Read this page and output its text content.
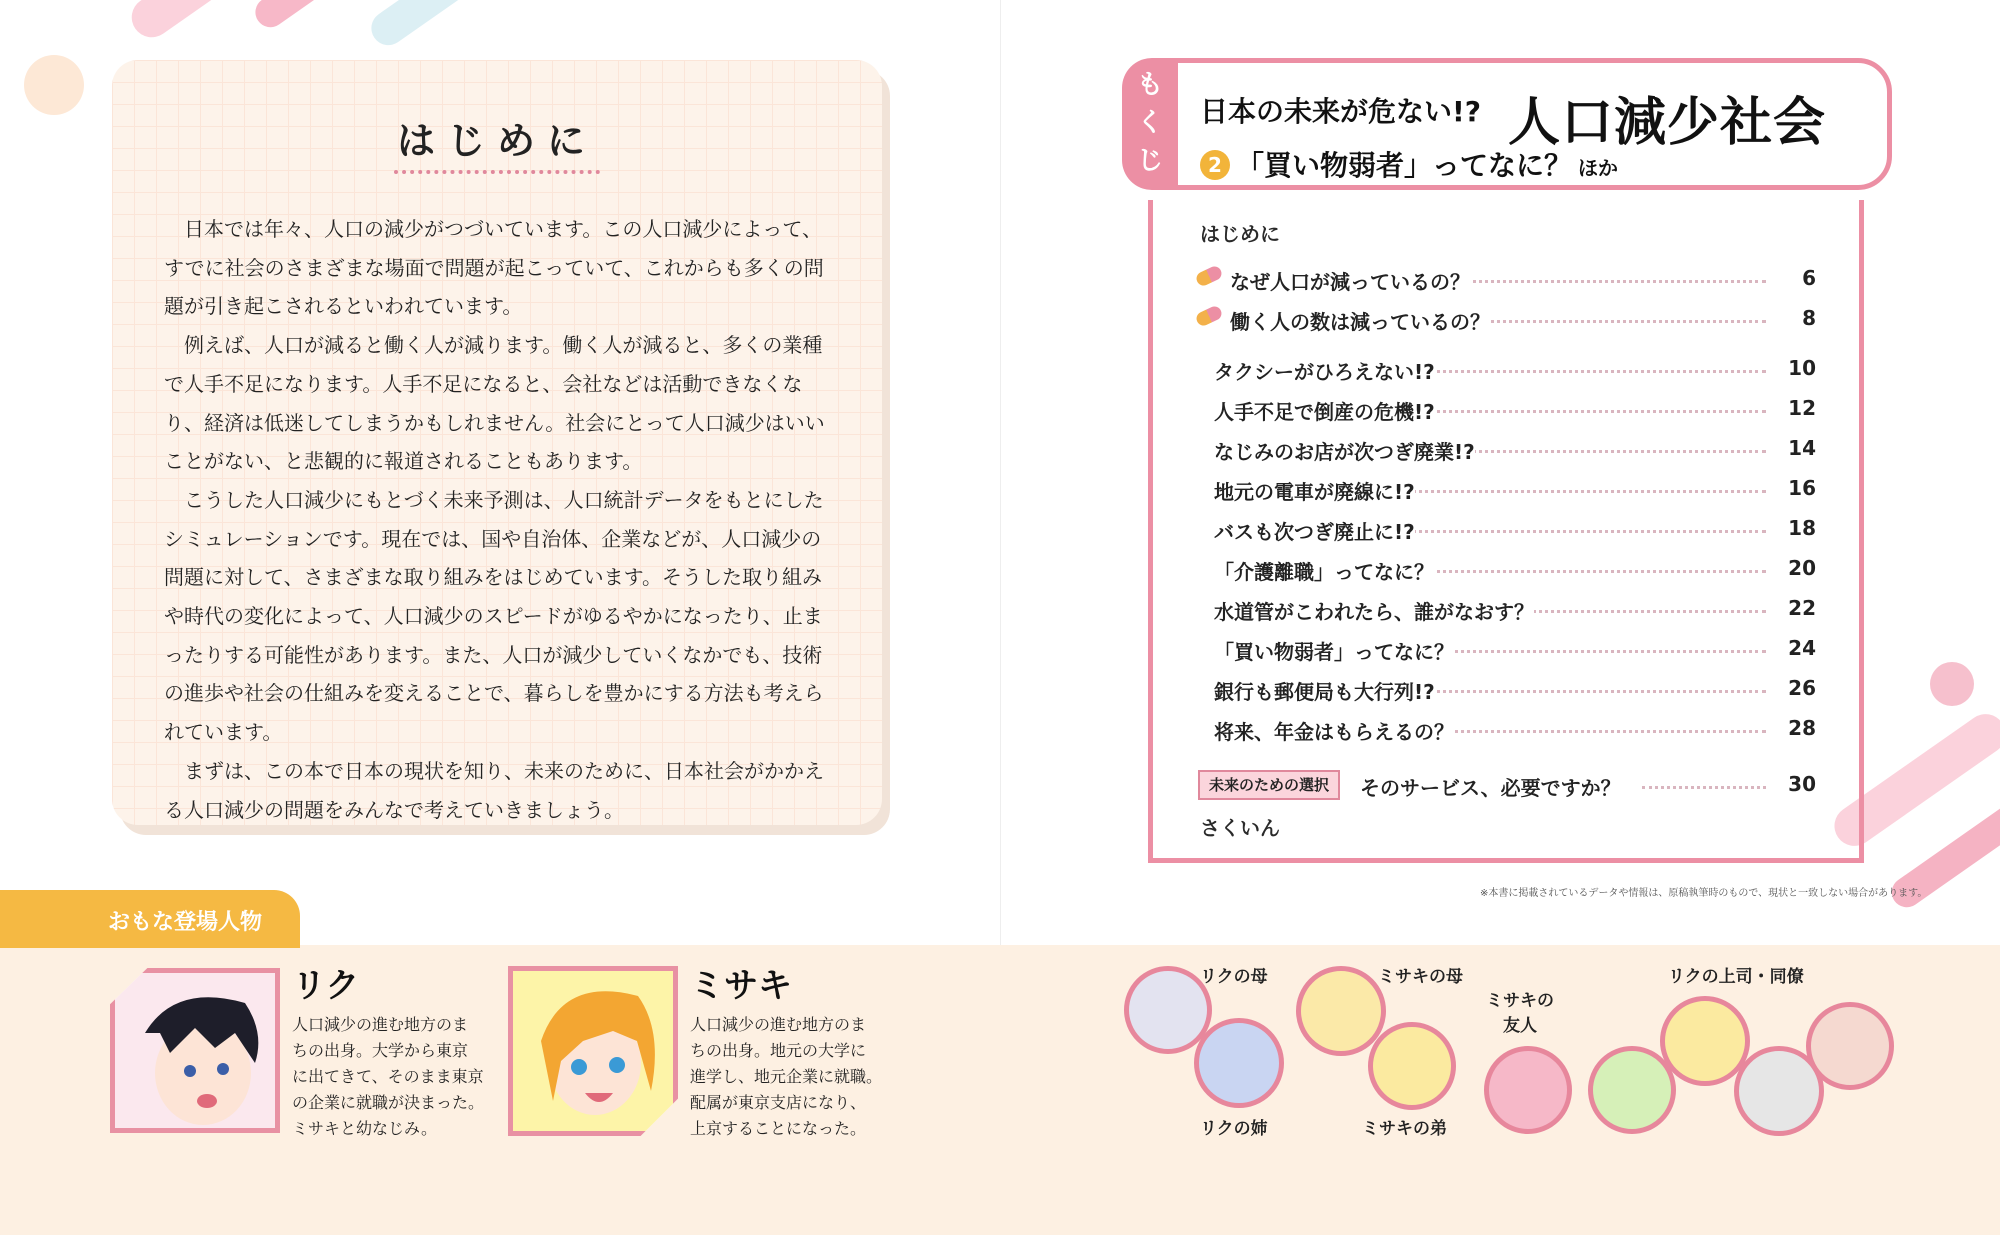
はじめに

日本では年々、人口の減少がつづいています。この人口減少によって、すでに社会のさまざまな場面で問題が起こっていて、これからも多くの問題が引き起こされるといわれています。

例えば、人口が減ると働く人が減ります。働く人が減ると、多くの業種で人手不足になります。人手不足になると、会社などは活動できなくなり、経済は低迷してしまうかもしれません。社会にとって人口減少はいいことがない、と悲観的に報道されることもあります。

こうした人口減少にもとづく未来予測は、人口統計データをもとにしたシミュレーションです。現在では、国や自治体、企業などが、人口減少の問題に対して、さまざまな取り組みをはじめています。そうした取り組みや時代の変化によって、人口減少のスピードがゆるやかになったり、止まったりする可能性があります。また、人口が減少していくなかでも、技術の進歩や社会の仕組みを変えることで、暮らしを豊かにする方法も考えられています。

まずは、この本で日本の現状を知り、未来のために、日本社会がかかえる人口減少の問題をみんなで考えていきましょう。

おもな登場人物
リク
人口減少の進む地方のま
ちの出身。大学から東京
に出てきて、そのまま東京
の企業に就職が決まった。
ミサキと幼なじみ。
ミサキ
人口減少の進む地方のま
ちの出身。地元の大学に
進学し、地元企業に就職。
配属が東京支店になり、
上京することになった。
リクの母
リクの姉
ミサキの母
ミサキの弟
ミサキの
友人
リクの上司・同僚
も
く
じ
日本の未来が危ない!? 人口減少社会
2 「買い物弱者」ってなに？ ほか
はじめに
なぜ人口が減っているの？	6
働く人の数は減っているの？	8
タクシーがひろえない!?	10
人手不足で倒産の危機!?	12
なじみのお店が次つぎ廃業!?	14
地元の電車が廃線に!?	16
バスも次つぎ廃止に!?	18
「介護離職」ってなに？	20
水道管がこわれたら、誰がなおす？	22
「買い物弱者」ってなに？	24
銀行も郵便局も大行列!?	26
将来、年金はもらえるの？	28
未来のための選択	そのサービス、必要ですか？	30
さくいん
※本書に掲載されているデータや情報は、原稿執筆時のもので、現状と一致しない場合があります。
